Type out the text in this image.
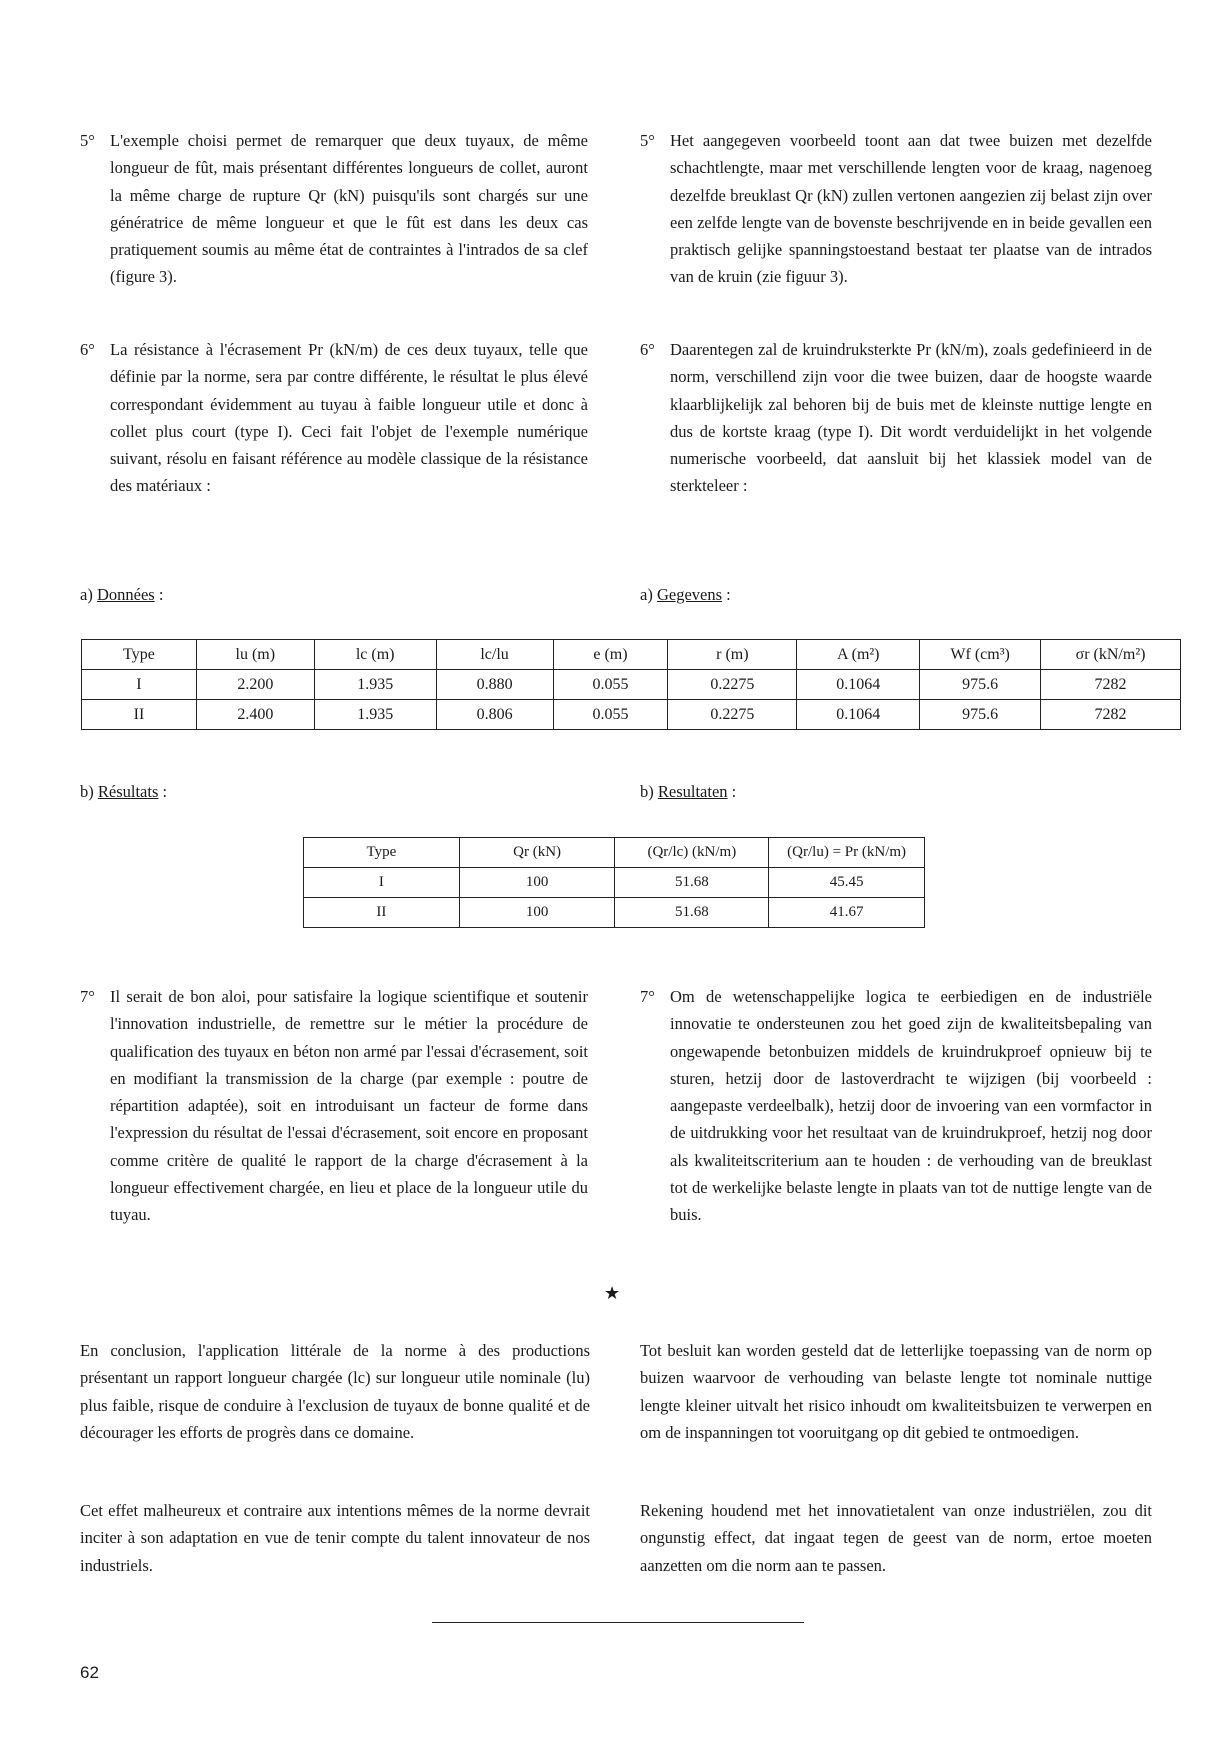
5° L'exemple choisi permet de remarquer que deux tuyaux, de même longueur de fût, mais présentant différentes longueurs de collet, auront la même charge de rupture Qr (kN) puisqu'ils sont chargés sur une génératrice de même longueur et que le fût est dans les deux cas pratiquement soumis au même état de contraintes à l'intrados de sa clef (figure 3).
6° La résistance à l'écrasement Pr (kN/m) de ces deux tuyaux, telle que définie par la norme, sera par contre différente, le résultat le plus élevé correspondant évidemment au tuyau à faible longueur utile et donc à collet plus court (type I). Ceci fait l'objet de l'exemple numérique suivant, résolu en faisant référence au modèle classique de la résistance des matériaux :
5° Het aangegeven voorbeeld toont aan dat twee buizen met dezelfde schachtlengte, maar met verschillende lengten voor de kraag, nagenoeg dezelfde breuklast Qr (kN) zullen vertonen aangezien zij belast zijn over een zelfde lengte van de bovenste beschrijvende en in beide gevallen een praktisch gelijke spanningstoestand bestaat ter plaatse van de intrados van de kruin (zie figuur 3).
6° Daarentegen zal de kruindruksterkte Pr (kN/m), zoals gedefinieerd in de norm, verschillend zijn voor die twee buizen, daar de hoogste waarde klaarblijkelijk zal behoren bij de buis met de kleinste nuttige lengte en dus de kortste kraag (type I). Dit wordt verduidelijkt in het volgende numerische voorbeeld, dat aansluit bij het klassiek model van de sterkteleer :
a) Données :	a) Gegevens :
Type	lu (m)	lc (m)	lc/lu	e (m)	r (m)	A (m²)	Wf (cm³)	σr (kN/m²)
I	2.200	1.935	0.880	0.055	0.2275	0.1064	975.6	7282
II	2.400	1.935	0.806	0.055	0.2275	0.1064	975.6	7282
b) Résultats :	b) Resultaten :
Type	Qr (kN)	(Qr/lc) (kN/m)	(Qr/lu) = Pr (kN/m)
I	100	51.68	45.45
II	100	51.68	41.67
7° Il serait de bon aloi, pour satisfaire la logique scientifique et soutenir l'innovation industrielle, de remettre sur le métier la procédure de qualification des tuyaux en béton non armé par l'essai d'écrasement, soit en modifiant la transmission de la charge (par exemple : poutre de répartition adaptée), soit en introduisant un facteur de forme dans l'expression du résultat de l'essai d'écrasement, soit encore en proposant comme critère de qualité le rapport de la charge d'écrasement à la longueur effectivement chargée, en lieu et place de la longueur utile du tuyau.
7° Om de wetenschappelijke logica te eerbiedigen en de industriële innovatie te ondersteunen zou het goed zijn de kwaliteitsbepaling van ongewapende betonbuizen middels de kruindrukproef opnieuw bij te sturen, hetzij door de lastoverdracht te wijzigen (bij voorbeeld : aangepaste verdeelbalk), hetzij door de invoering van een vormfactor in de uitdrukking voor het resultaat van de kruindrukproef, hetzij nog door als kwaliteitscriterium aan te houden : de verhouding van de breuklast tot de werkelijke belaste lengte in plaats van tot de nuttige lengte van de buis.
★
En conclusion, l'application littérale de la norme à des productions présentant un rapport longueur chargée (lc) sur longueur utile nominale (lu) plus faible, risque de conduire à l'exclusion de tuyaux de bonne qualité et de décourager les efforts de progrès dans ce domaine.
Tot besluit kan worden gesteld dat de letterlijke toepassing van de norm op buizen waarvoor de verhouding van belaste lengte tot nominale nuttige lengte kleiner uitvalt het risico inhoudt om kwaliteitsbuizen te verwerpen en om de inspanningen tot vooruitgang op dit gebied te ontmoedigen.
Cet effet malheureux et contraire aux intentions mêmes de la norme devrait inciter à son adaptation en vue de tenir compte du talent innovateur de nos industriels.
Rekening houdend met het innovatietalent van onze industriëlen, zou dit ongunstig effect, dat ingaat tegen de geest van de norm, ertoe moeten aanzetten om die norm aan te passen.
62
